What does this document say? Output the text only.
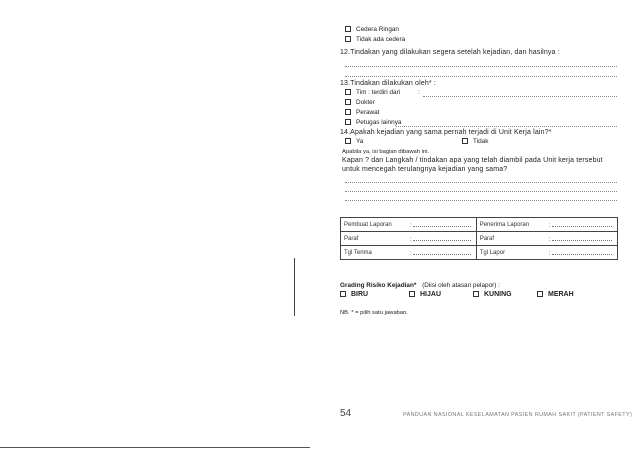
Cedera Ringan
Tidak ada cedera
12.Tindakan yang dilakukan segera setelah kejadian, dan hasilnya :
13.Tindakan dilakukan oleh* :
Tim : terdiri dari	:
Dokter
Perawat
Petugas lainnya
14.Apakah kejadian yang sama pernah terjadi di Unit Kerja lain?*
Ya	Tidak
Apabila ya, isi bagian dibawah ini.
Kapan ? dan Langkah / tindakan apa yang telah diambil pada Unit kerja tersebut
untuk mencegah terulangnya kejadian yang sama?
Pembuat Laporan	:	Penerima Laporan	:
Paraf	:	Paraf	:
Tgl Terima	:	Tgl Lapor	:
Grading Risiko Kejadian* (Diisi oleh atasan pelapor) :
BIRU	HIJAU	KUNING	MERAH
NB. * = pilih satu jawaban.
54	PANDUAN NASIONAL KESELAMATAN PASIEN RUMAH SAKIT (PATIENT SAFETY)
